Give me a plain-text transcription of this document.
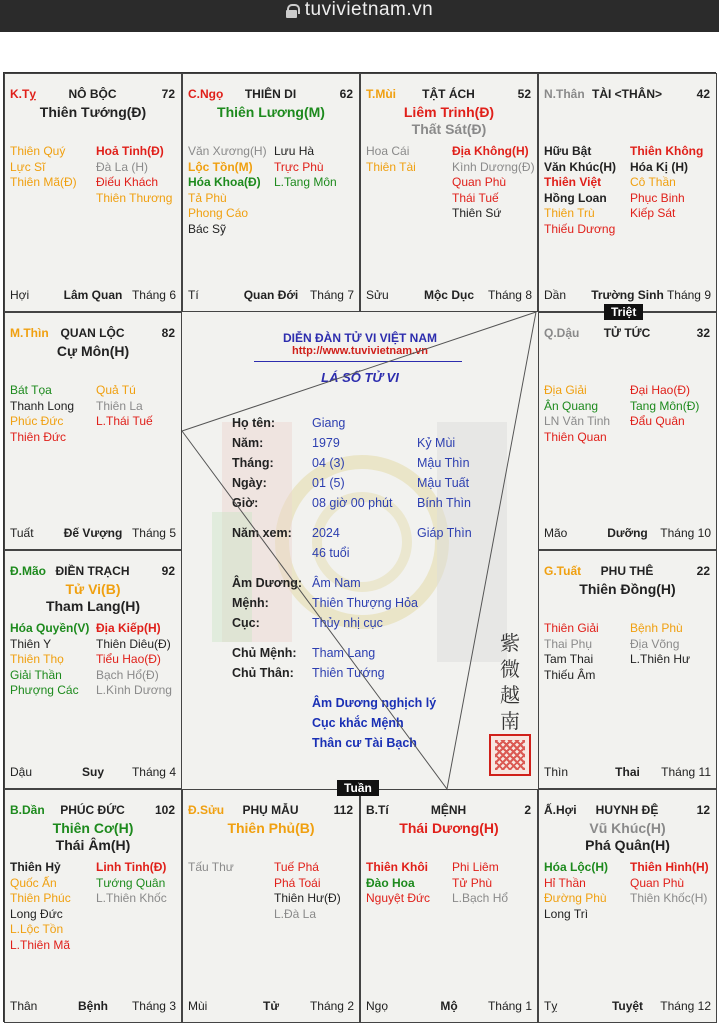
tuvivietnam.vn
Ấ.Hợi	HUYNH ĐỆ	12
Vũ Khúc(H)
Phá Quân(H)
Hóa Lộc(H)
Hỉ Thần
Đường Phù
Long Trì
Thiên Hình(H)
Quan Phù
Thiên Khốc(H)
Tỵ	Tuyệt	Tháng 12
B.Tí	MỆNH	2
Thái Dương(H)
Thiên Khôi
Đào Hoa
Nguyệt Đức
Phi Liêm
Tử Phù
L.Bạch Hổ
Ngọ	Mộ	Tháng 1
Đ.Sửu	PHỤ MẪU	112
Thiên Phủ(B)
Tấu Thư	Tuế Phá
Phá Toái
Thiên Hư(Đ)
L.Đà La
Mùi	Tử	Tháng 2
B.Dần	PHÚC ĐỨC	102
Thiên Cơ(H)
Thái Âm(H)
Thiên Hỷ
Quốc Ấn
Thiên Phúc
Long Đức
L.Lộc Tồn
L.Thiên Mã
Linh Tinh(Đ)
Tướng Quân
L.Thiên Khốc
Thân	Bệnh	Tháng 3
G.Tuất	PHU THÊ	22
Thiên Đồng(H)
Thiên Giải
Thai Phụ
Tam Thai
Thiếu Âm
Bệnh Phù
Địa Võng
L.Thiên Hư
Thìn	Thai	Tháng 11
Đ.Mão ĐIỀN TRẠCH	92
Tử Vi(B)
Tham Lang(H)
Hóa Quyền(V)
Thiên Y
Thiên Thọ
Giải Thần
Phượng Các
Địa Kiếp(H)
Thiên Diêu(Đ)
Tiểu Hao(Đ)
Bạch Hổ(Đ)
L.Kình Dương
Dậu	Suy	Tháng 4
Q.Dậu	TỬ TỨC	32
Địa Giải
Ân Quang
LN Văn Tinh
Thiên Quan
Đại Hao(Đ)
Tang Môn(Đ)
Đẩu Quân
Mão	Dưỡng	Tháng 10
M.Thìn QUAN LỘC	82
Cự Môn(H)
Bát Tọa
Thanh Long
Phúc Đức
Thiên Đức
Quả Tú
Thiên La
L.Thái Tuế
Tuất	Đế Vượng Tháng 5
N.Thân TÀI <THÂN>	42
Hữu Bật
Văn Khúc(H)
Thiên Việt
Hồng Loan
Thiên Trù
Thiếu Dương
Thiên Không
Hóa Kị (H)
Cô Thần
Phục Binh
Kiếp Sát
Dần	Trường Sinh Tháng 9
T.Mùi	TẬT ÁCH	52
Liêm Trinh(Đ)
Thất Sát(Đ)
Hoa Cái
Thiên Tài
Địa Không(H)
Kình Dương(Đ)
Quan Phù
Thái Tuế
Thiên Sứ
Sửu	Mộc Dục	Tháng 8
C.Ngọ	THIÊN DI	62
Thiên Lương(M)
Văn Xương(H)
Lộc Tồn(M)
Hóa Khoa(Đ)
Tả Phù
Phong Cáo
Bác Sỹ
Lưu Hà
Trực Phù
L.Tang Môn
Tí	Quan Đới Tháng 7
K.Tỵ	NÔ BỘC	72
Thiên Tướng(Đ)
Thiên Quý
Lực Sĩ
Thiên Mã(Đ)
Hoả Tinh(Đ)
Đà La (H)
Điếu Khách
Thiên Thương
Hợi	Lâm Quan Tháng 6
DIỄN ĐÀN TỬ VI VIỆT NAM
http://www.tuvivietnam.vn
LÁ SỐ TỬ VI
Họ tên:	Giang
Năm:	1979	Kỷ Mùi
Tháng:	04 (3)	Mậu Thìn
Ngày:	01 (5)	Mậu Tuất
Giờ:	08 giờ 00 phút Bính Thìn
Năm xem: 2024	Giáp Thìn
46 tuổi
Âm Dương: Âm Nam
Mệnh:	Thiên Thượng Hỏa
Cục:	Thủy nhị cục
Chủ Mệnh: Tham Lang
Chủ Thân: Thiên Tướng
Âm Dương nghịch lý
Cục khắc Mệnh
Thân cư Tài Bạch
紫
微
越
南
Triệt
Tuần
